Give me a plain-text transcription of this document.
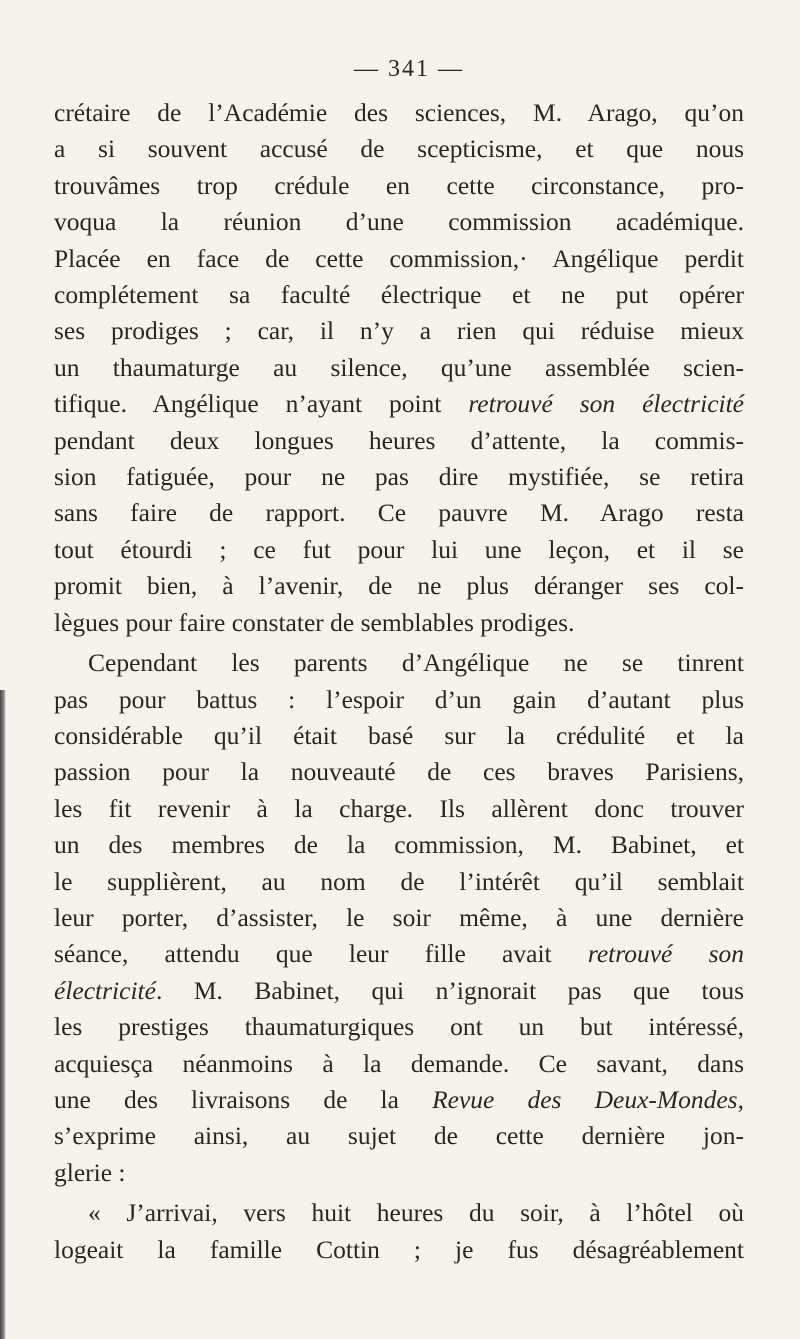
— 341 —

crétaire de l’Académie des sciences, M. Arago, qu’on
a si souvent accusé de scepticisme, et que nous
trouvâmes trop crédule en cette circonstance, pro-
voqua la réunion d’une commission académique.
Placée en face de cette commission,· Angélique perdit
complétement sa faculté électrique et ne put opérer
ses prodiges ; car, il n’y a rien qui réduise mieux
un thaumaturge au silence, qu’une assemblée scien-
tifique. Angélique n’ayant point retrouvé son électricité
pendant deux longues heures d’attente, la commis-
sion fatiguée, pour ne pas dire mystifiée, se retira
sans faire de rapport. Ce pauvre M. Arago resta
tout étourdi ; ce fut pour lui une leçon, et il se
promit bien, à l’avenir, de ne plus déranger ses col-
lègues pour faire constater de semblables prodiges.

Cependant les parents d’Angélique ne se tinrent
pas pour battus : l’espoir d’un gain d’autant plus
considérable qu’il était basé sur la crédulité et la
passion pour la nouveauté de ces braves Parisiens,
les fit revenir à la charge. Ils allèrent donc trouver
un des membres de la commission, M. Babinet, et
le supplièrent, au nom de l’intérêt qu’il semblait
leur porter, d’assister, le soir même, à une dernière
séance, attendu que leur fille avait retrouvé son
électricité. M. Babinet, qui n’ignorait pas que tous
les prestiges thaumaturgiques ont un but intéressé,
acquiesça néanmoins à la demande. Ce savant, dans
une des livraisons de la Revue des Deux-Mondes,
s’exprime ainsi, au sujet de cette dernière jon-
glerie :

« J’arrivai, vers huit heures du soir, à l’hôtel où
logeait la famille Cottin ; je fus désagréablement
